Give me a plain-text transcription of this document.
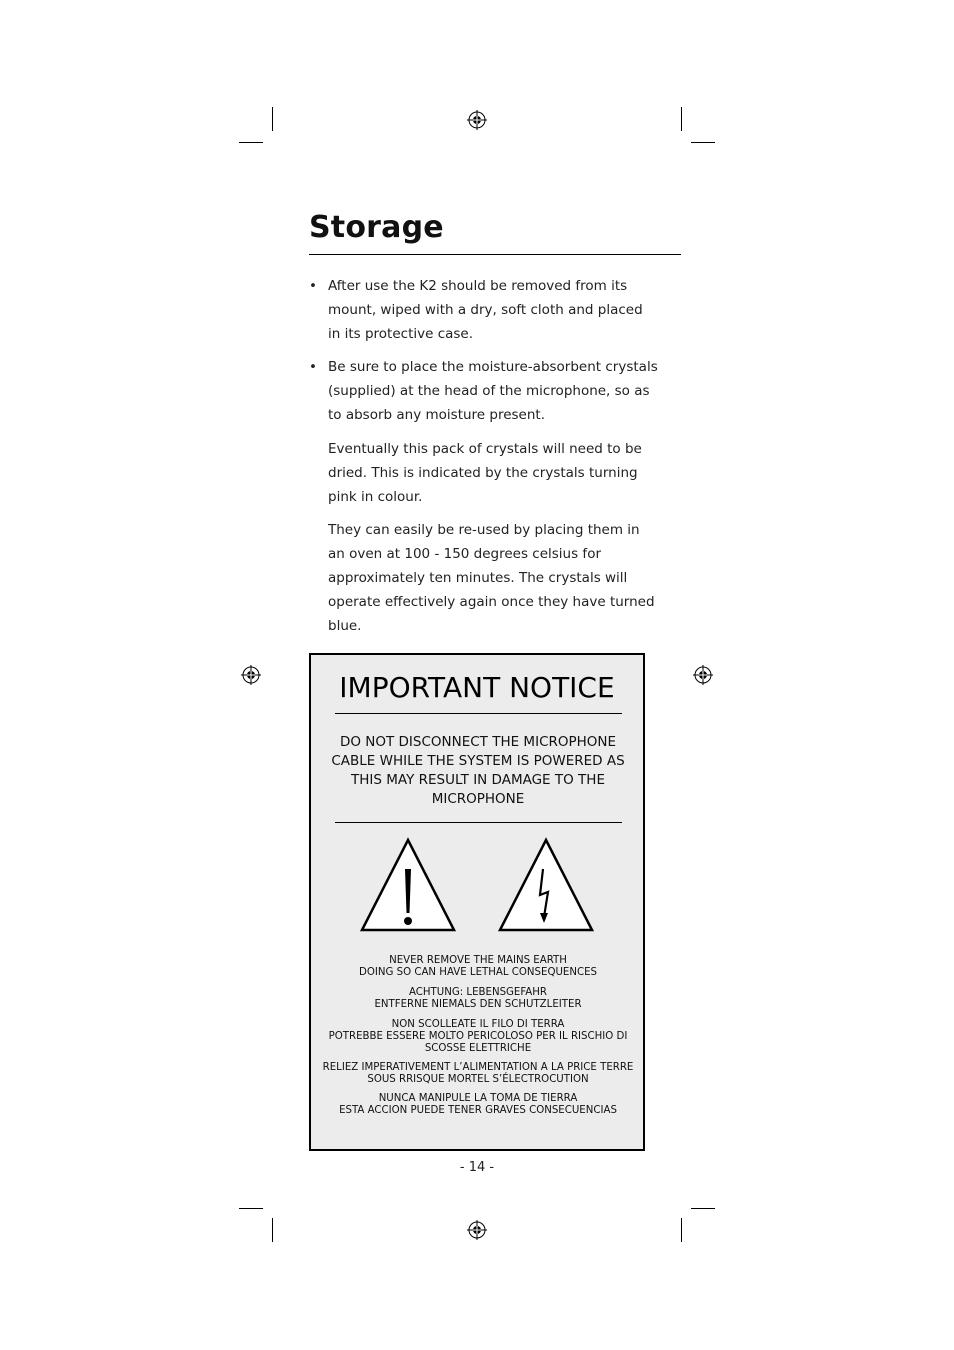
Storage
• After use the K2 should be removed from its mount, wiped with a dry, soft cloth and placed in its protective case.
• Be sure to place the moisture-absorbent crystals (supplied) at the head of the microphone, so as to absorb any moisture present.
Eventually this pack of crystals will need to be dried. This is indicated by the crystals turning pink in colour.
They can easily be re-used by placing them in an oven at 100 - 150 degrees celsius for approximately ten minutes. The crystals will operate effectively again once they have turned blue.
IMPORTANT NOTICE
DO NOT DISCONNECT THE MICROPHONE CABLE WHILE THE SYSTEM IS POWERED AS THIS MAY RESULT IN DAMAGE TO THE MICROPHONE
NEVER REMOVE THE MAINS EARTH
DOING SO CAN HAVE LETHAL CONSEQUENCES
ACHTUNG: LEBENSGEFAHR
ENTFERNE NIEMALS DEN SCHUTZLEITER
NON SCOLLEATE IL FILO DI TERRA
POTREBBE ESSERE MOLTO PERICOLOSO PER IL RISCHIO DI SCOSSE ELETTRICHE
RELIEZ IMPERATIVEMENT L’ALIMENTATION A LA PRICE TERRE
SOUS RRISQUE MORTEL S’ÉLECTROCUTION
NUNCA MANIPULE LA TOMA DE TIERRA
ESTA ACCION PUEDE TENER GRAVES CONSECUENCIAS
- 14 -
